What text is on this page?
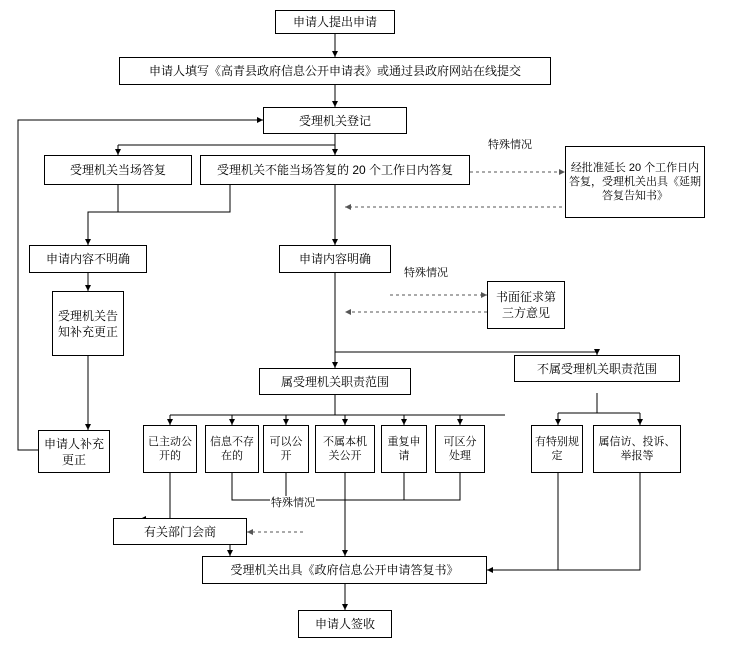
申请人提出申请
申请人填写《高青县政府信息公开申请表》或通过县政府网站在线提交
受理机关登记
受理机关当场答复	受理机关不能当场答复的 20 个工作日内答复	经批准延长 20 个工作日内答复，受理机关出具《延期答复告知书》
申请内容不明确	申请内容明确
书面征求第三方意见
受理机关告知补充更正
申请人补充更正
属受理机关职责范围
不属受理机关职责范围
已主动公开的
信息不存在的
可以公开
不属本机关公开
重复申请
可区分处理
有特别规定
属信访、投诉、举报等
有关部门会商
受理机关出具《政府信息公开申请答复书》
申请人签收
特殊情况
特殊情况
特殊情况
